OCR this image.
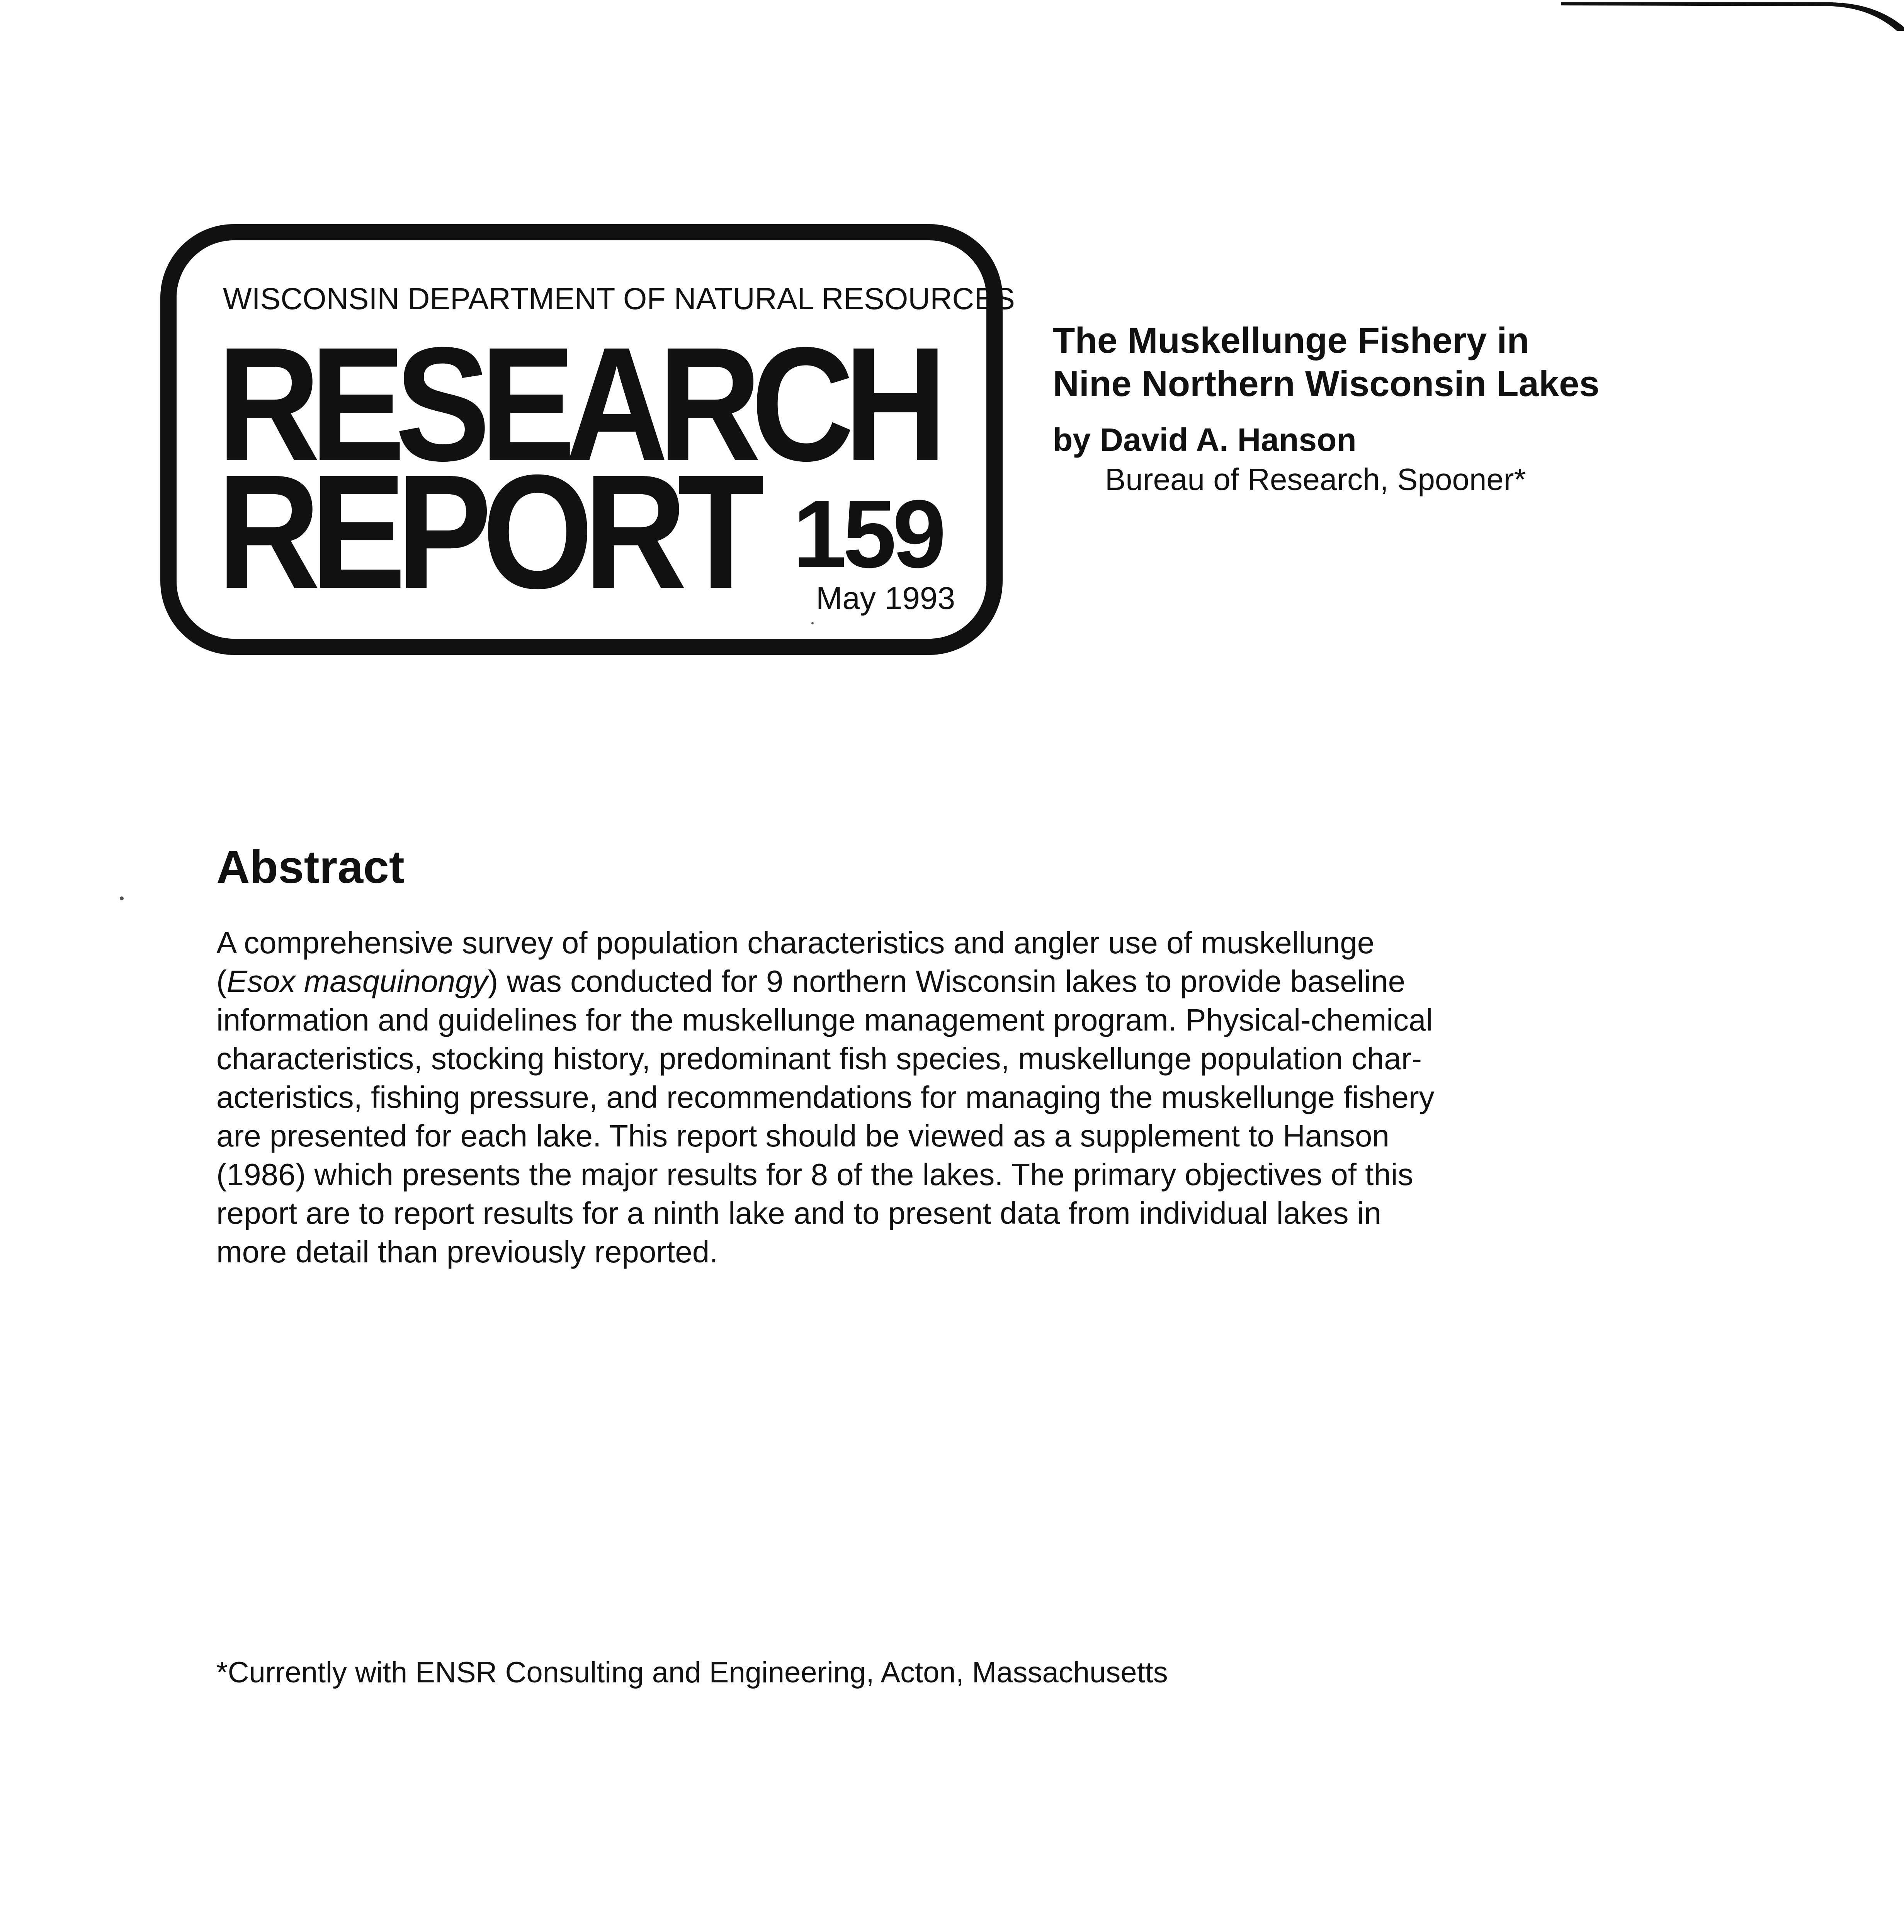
WISCONSIN DEPARTMENT OF NATURAL RESOURCES
RESEARCH
REPORT 159
May 1993
The Muskellunge Fishery in
Nine Northern Wisconsin Lakes
by David A. Hanson
Bureau of Research, Spooner*
Abstract
A comprehensive survey of population characteristics and angler use of muskellunge
(Esox masquinongy) was conducted for 9 northern Wisconsin lakes to provide baseline
information and guidelines for the muskellunge management program. Physical-chemical
characteristics, stocking history, predominant fish species, muskellunge population char-
acteristics, fishing pressure, and recommendations for managing the muskellunge fishery
are presented for each lake. This report should be viewed as a supplement to Hanson
(1986) which presents the major results for 8 of the lakes. The primary objectives of this
report are to report results for a ninth lake and to present data from individual lakes in
more detail than previously reported.
*Currently with ENSR Consulting and Engineering, Acton, Massachusetts
